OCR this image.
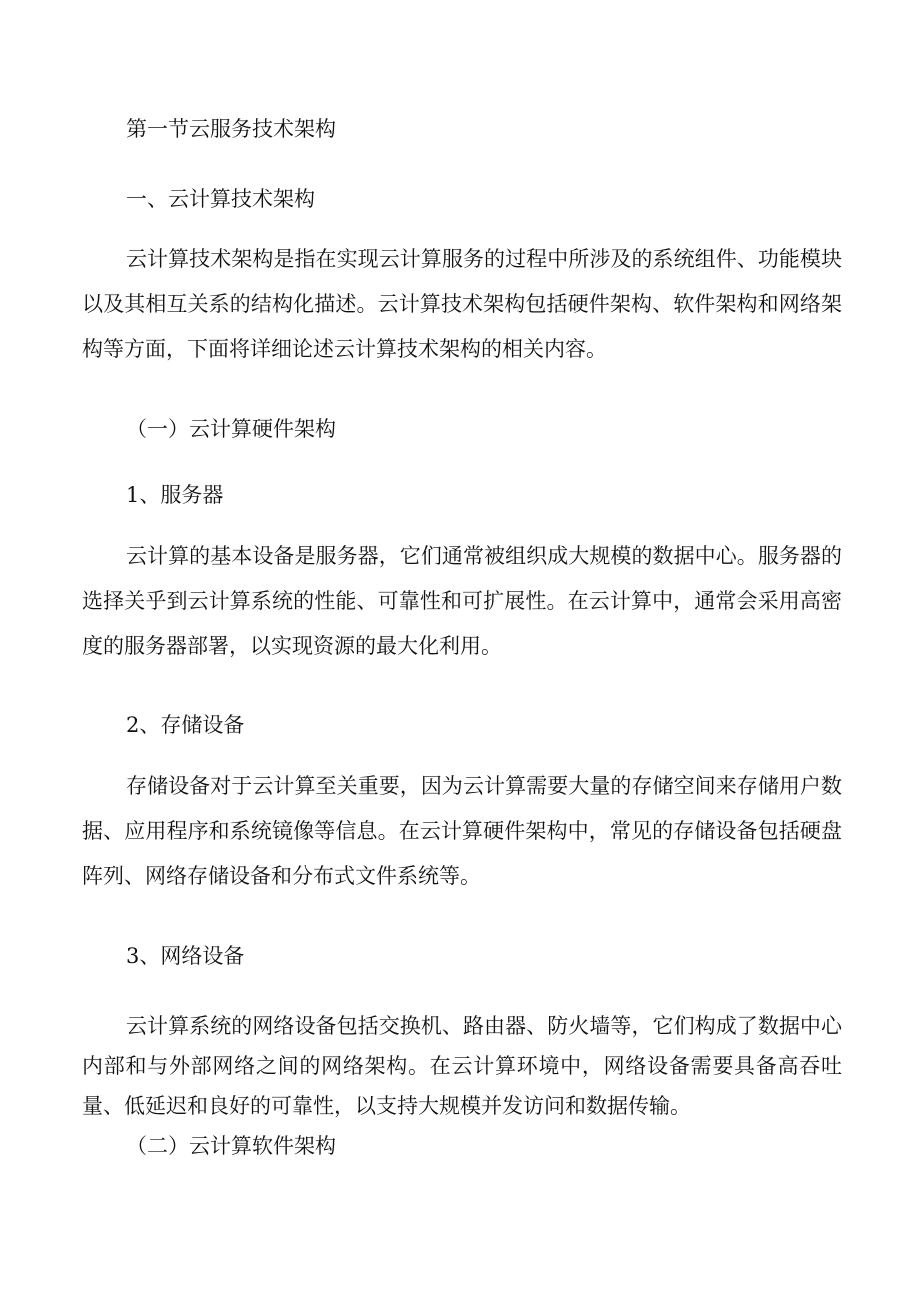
第一节云服务技术架构

一、云计算技术架构

云计算技术架构是指在实现云计算服务的过程中所涉及的系统组件、功能模块以及其相互关系的结构化描述。云计算技术架构包括硬件架构、软件架构和网络架构等方面，下面将详细论述云计算技术架构的相关内容。

（一）云计算硬件架构

1、服务器

云计算的基本设备是服务器，它们通常被组织成大规模的数据中心。服务器的选择关乎到云计算系统的性能、可靠性和可扩展性。在云计算中，通常会采用高密度的服务器部署，以实现资源的最大化利用。

2、存储设备

存储设备对于云计算至关重要，因为云计算需要大量的存储空间来存储用户数据、应用程序和系统镜像等信息。在云计算硬件架构中，常见的存储设备包括硬盘阵列、网络存储设备和分布式文件系统等。

3、网络设备

云计算系统的网络设备包括交换机、路由器、防火墙等，它们构成了数据中心内部和与外部网络之间的网络架构。在云计算环境中，网络设备需要具备高吞吐量、低延迟和良好的可靠性，以支持大规模并发访问和数据传输。

（二）云计算软件架构
